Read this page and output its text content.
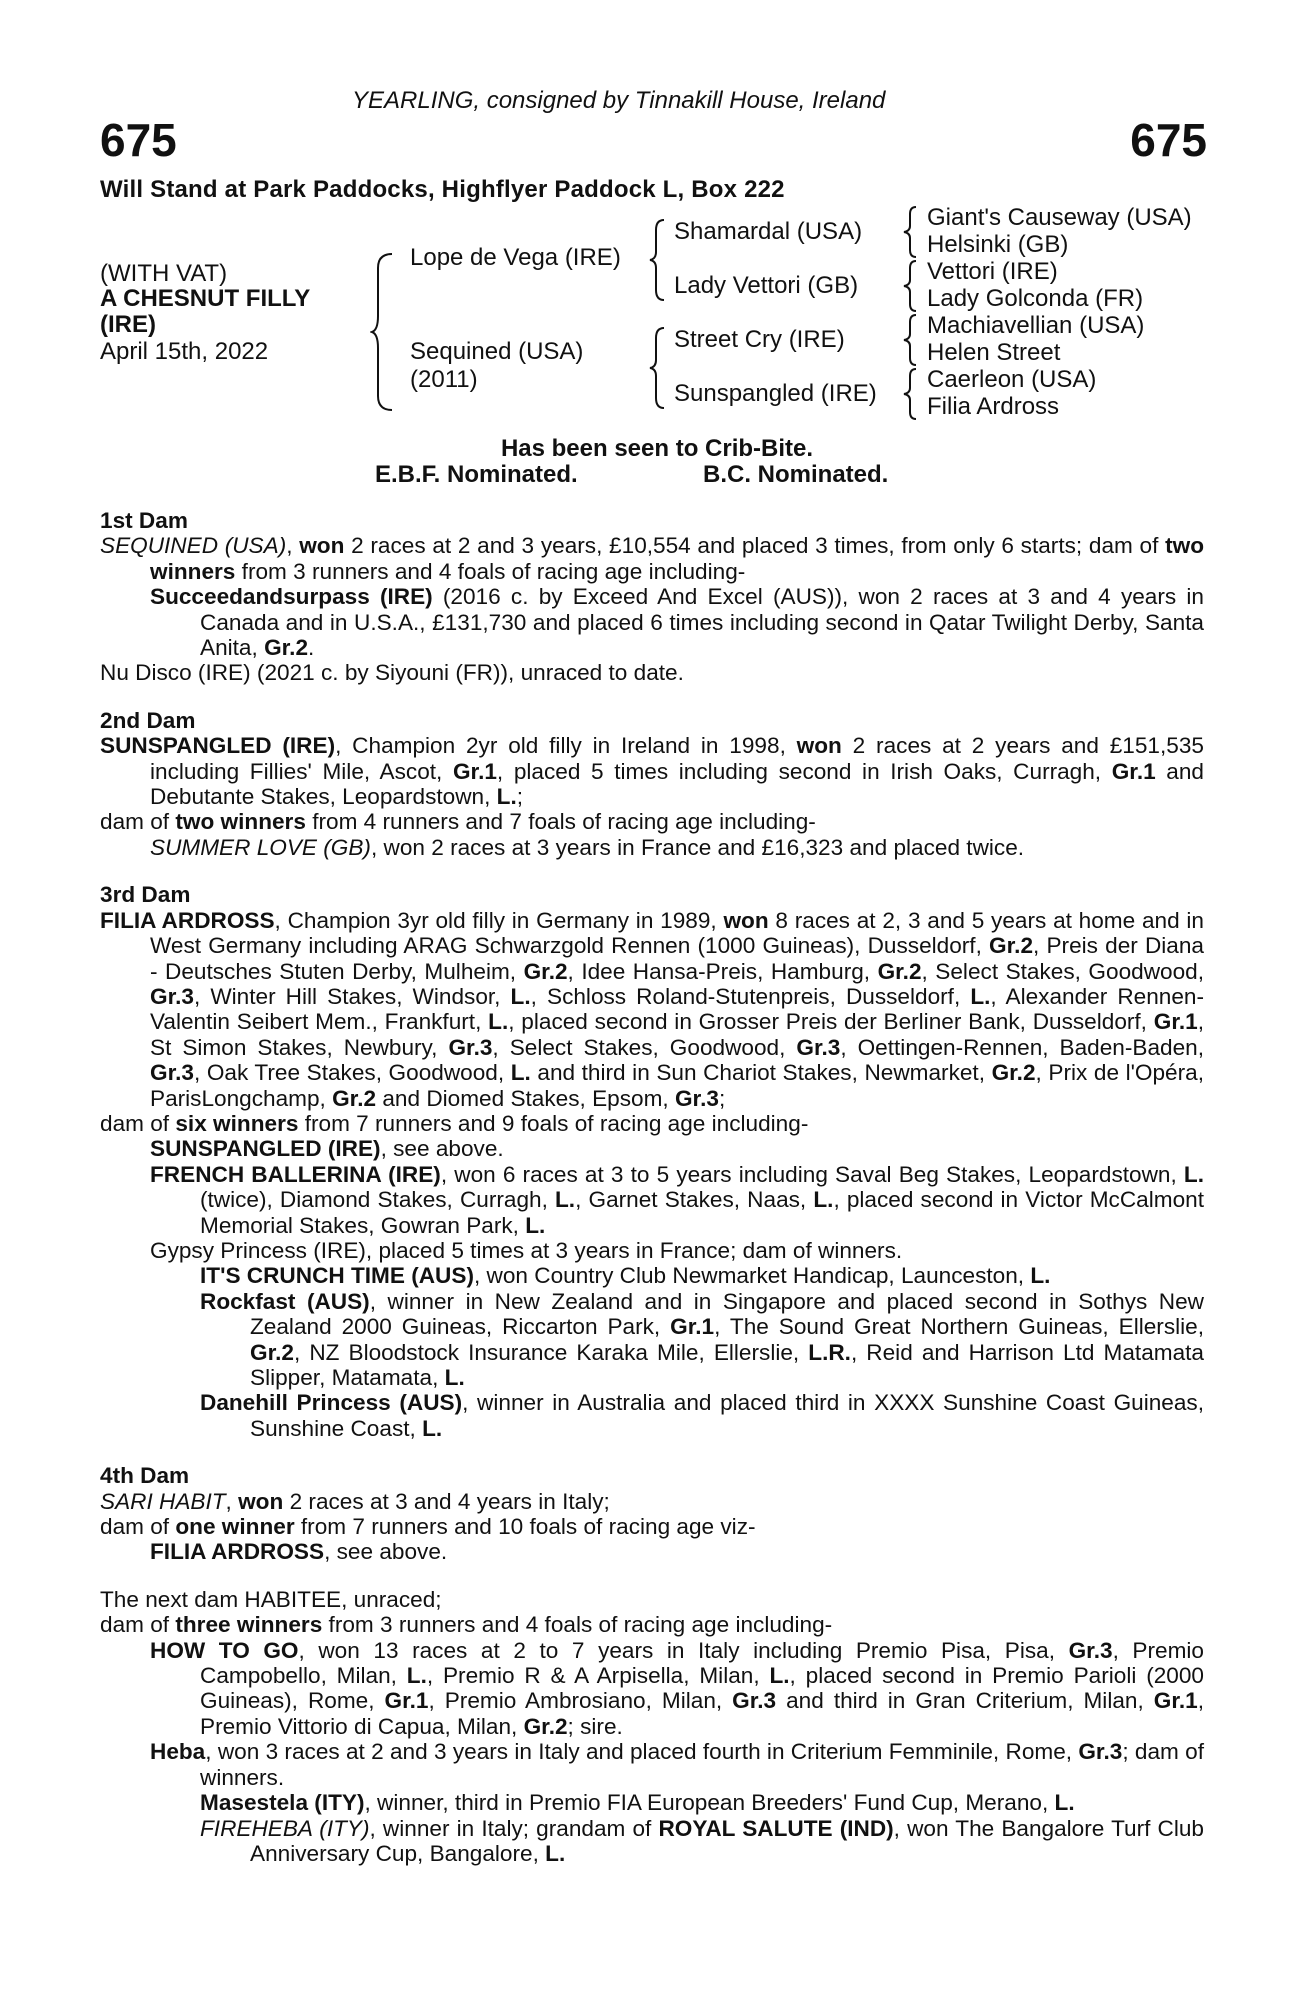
YEARLING, consigned by Tinnakill House, Ireland
675	675
Will Stand at Park Paddocks, Highflyer Paddock L, Box 222
(WITH VAT)
A CHESNUT FILLY
(IRE)
April 15th, 2022
Lope de Vega (IRE)
Sequined (USA)
(2011)
Shamardal (USA)
Lady Vettori (GB)
Street Cry (IRE)
Sunspangled (IRE)
Giant's Causeway (USA)
Helsinki (GB)
Vettori (IRE)
Lady Golconda (FR)
Machiavellian (USA)
Helen Street
Caerleon (USA)
Filia Ardross
Has been seen to Crib-Bite.
E.B.F. Nominated.	B.C. Nominated.
1st Dam
SEQUINED (USA), won 2 races at 2 and 3 years, £10,554 and placed 3 times, from only 6 starts; dam of two winners from 3 runners and 4 foals of racing age including-
Succeedandsurpass (IRE) (2016 c. by Exceed And Excel (AUS)), won 2 races at 3 and 4 years in Canada and in U.S.A., £131,730 and placed 6 times including second in Qatar Twilight Derby, Santa Anita, Gr.2.
Nu Disco (IRE) (2021 c. by Siyouni (FR)), unraced to date.
2nd Dam
SUNSPANGLED (IRE), Champion 2yr old filly in Ireland in 1998, won 2 races at 2 years and £151,535 including Fillies' Mile, Ascot, Gr.1, placed 5 times including second in Irish Oaks, Curragh, Gr.1 and Debutante Stakes, Leopardstown, L.;
dam of two winners from 4 runners and 7 foals of racing age including-
SUMMER LOVE (GB), won 2 races at 3 years in France and £16,323 and placed twice.
3rd Dam
FILIA ARDROSS, Champion 3yr old filly in Germany in 1989, won 8 races at 2, 3 and 5 years at home and in West Germany including ARAG Schwarzgold Rennen (1000 Guineas), Dusseldorf, Gr.2, Preis der Diana - Deutsches Stuten Derby, Mulheim, Gr.2, Idee Hansa-Preis, Hamburg, Gr.2, Select Stakes, Goodwood, Gr.3, Winter Hill Stakes, Windsor, L., Schloss Roland-Stutenpreis, Dusseldorf, L., Alexander Rennen-Valentin Seibert Mem., Frankfurt, L., placed second in Grosser Preis der Berliner Bank, Dusseldorf, Gr.1, St Simon Stakes, Newbury, Gr.3, Select Stakes, Goodwood, Gr.3, Oettingen-Rennen, Baden-Baden, Gr.3, Oak Tree Stakes, Goodwood, L. and third in Sun Chariot Stakes, Newmarket, Gr.2, Prix de l'Opéra, ParisLongchamp, Gr.2 and Diomed Stakes, Epsom, Gr.3;
dam of six winners from 7 runners and 9 foals of racing age including-
SUNSPANGLED (IRE), see above.
FRENCH BALLERINA (IRE), won 6 races at 3 to 5 years including Saval Beg Stakes, Leopardstown, L. (twice), Diamond Stakes, Curragh, L., Garnet Stakes, Naas, L., placed second in Victor McCalmont Memorial Stakes, Gowran Park, L.
Gypsy Princess (IRE), placed 5 times at 3 years in France; dam of winners.
IT'S CRUNCH TIME (AUS), won Country Club Newmarket Handicap, Launceston, L.
Rockfast (AUS), winner in New Zealand and in Singapore and placed second in Sothys New Zealand 2000 Guineas, Riccarton Park, Gr.1, The Sound Great Northern Guineas, Ellerslie, Gr.2, NZ Bloodstock Insurance Karaka Mile, Ellerslie, L.R., Reid and Harrison Ltd Matamata Slipper, Matamata, L.
Danehill Princess (AUS), winner in Australia and placed third in XXXX Sunshine Coast Guineas, Sunshine Coast, L.
4th Dam
SARI HABIT, won 2 races at 3 and 4 years in Italy;
dam of one winner from 7 runners and 10 foals of racing age viz-
FILIA ARDROSS, see above.
The next dam HABITEE, unraced;
dam of three winners from 3 runners and 4 foals of racing age including-
HOW TO GO, won 13 races at 2 to 7 years in Italy including Premio Pisa, Pisa, Gr.3, Premio Campobello, Milan, L., Premio R & A Arpisella, Milan, L., placed second in Premio Parioli (2000 Guineas), Rome, Gr.1, Premio Ambrosiano, Milan, Gr.3 and third in Gran Criterium, Milan, Gr.1, Premio Vittorio di Capua, Milan, Gr.2; sire.
Heba, won 3 races at 2 and 3 years in Italy and placed fourth in Criterium Femminile, Rome, Gr.3; dam of winners.
Masestela (ITY), winner, third in Premio FIA European Breeders' Fund Cup, Merano, L.
FIREHEBA (ITY), winner in Italy; grandam of ROYAL SALUTE (IND), won The Bangalore Turf Club Anniversary Cup, Bangalore, L.
